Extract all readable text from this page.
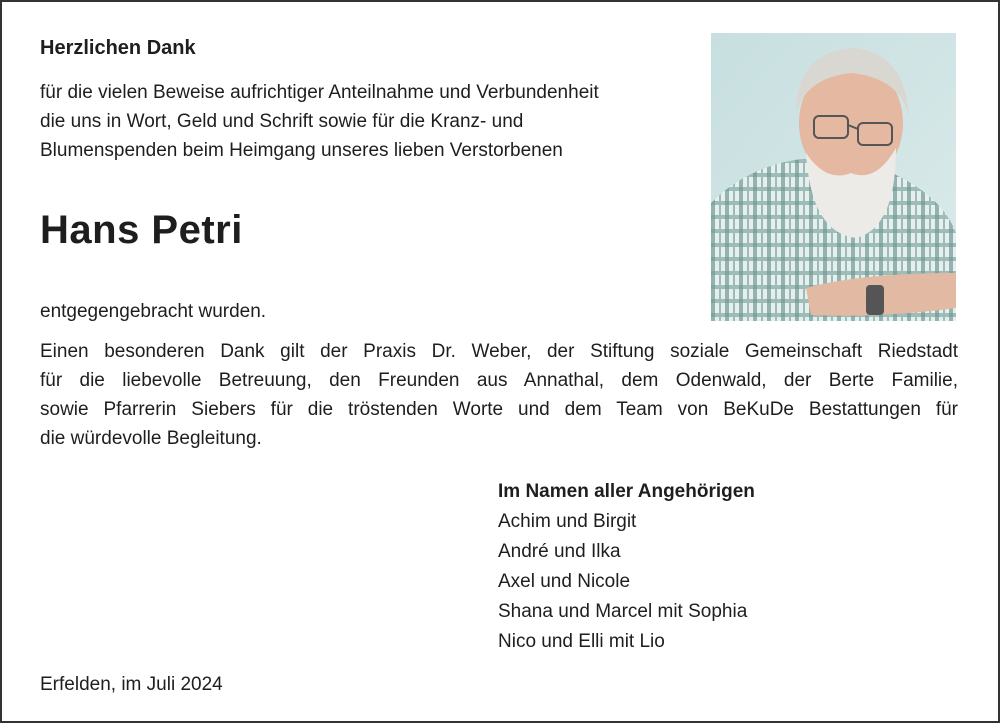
Herzlichen Dank
für die vielen Beweise aufrichtiger Anteilnahme und Verbundenheit
die uns in Wort, Geld und Schrift sowie für die Kranz- und
Blumenspenden beim Heimgang unseres lieben Verstorbenen
Hans Petri
entgegengebracht wurden.
Einen besonderen Dank gilt der Praxis Dr. Weber, der Stiftung soziale Gemeinschaft Riedstadt
für die liebevolle Betreuung, den Freunden aus Annathal, dem Odenwald, der Berte Familie,
sowie Pfarrerin Siebers für die tröstenden Worte und dem Team von BeKuDe Bestattungen für
die würdevolle Begleitung.
Im Namen aller Angehörigen
Achim und Birgit
André und Ilka
Axel und Nicole
Shana und Marcel mit Sophia
Nico und Elli mit Lio
Erfelden, im Juli 2024
